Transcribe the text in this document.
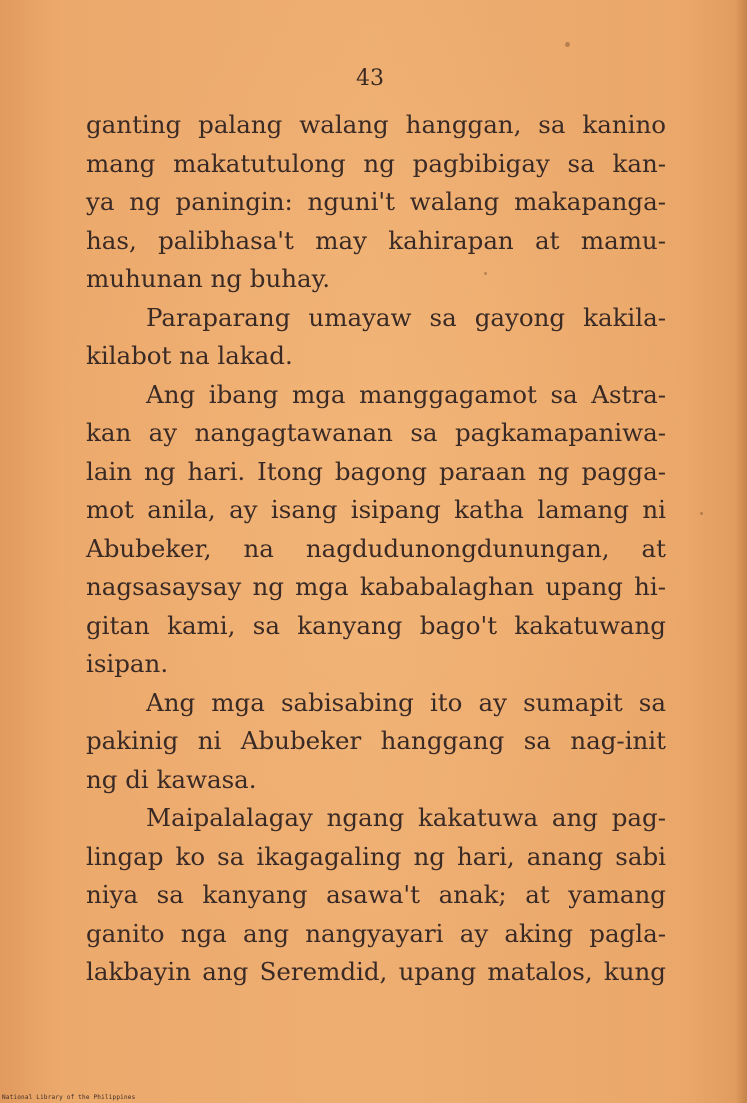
43
ganting palang walang hanggan, sa kanino
mang makatutulong ng pagbibigay sa kan-
ya ng paningin: nguni't walang makapanga-
has, palibhasa't may kahirapan at mamu-
muhunan ng buhay.
Paraparang umayaw sa gayong kakila-
kilabot na lakad.
Ang ibang mga manggagamot sa Astra-
kan ay nangagtawanan sa pagkamapaniwa-
lain ng hari. Itong bagong paraan ng pagga-
mot anila, ay isang isipang katha lamang ni
Abubeker, na nagdudunongdunungan, at
nagsasaysay ng mga kababalaghan upang hi-
gitan kami, sa kanyang bago't kakatuwang
isipan.
Ang mga sabisabing ito ay sumapit sa
pakinig ni Abubeker hanggang sa nag-init
ng di kawasa.
Maipalalagay ngang kakatuwa ang pag-
lingap ko sa ikagagaling ng hari, anang sabi
niya sa kanyang asawa't anak; at yamang
ganito nga ang nangyayari ay aking pagla-
lakbayin ang Seremdid, upang matalos, kung
National Library of the Philippines
